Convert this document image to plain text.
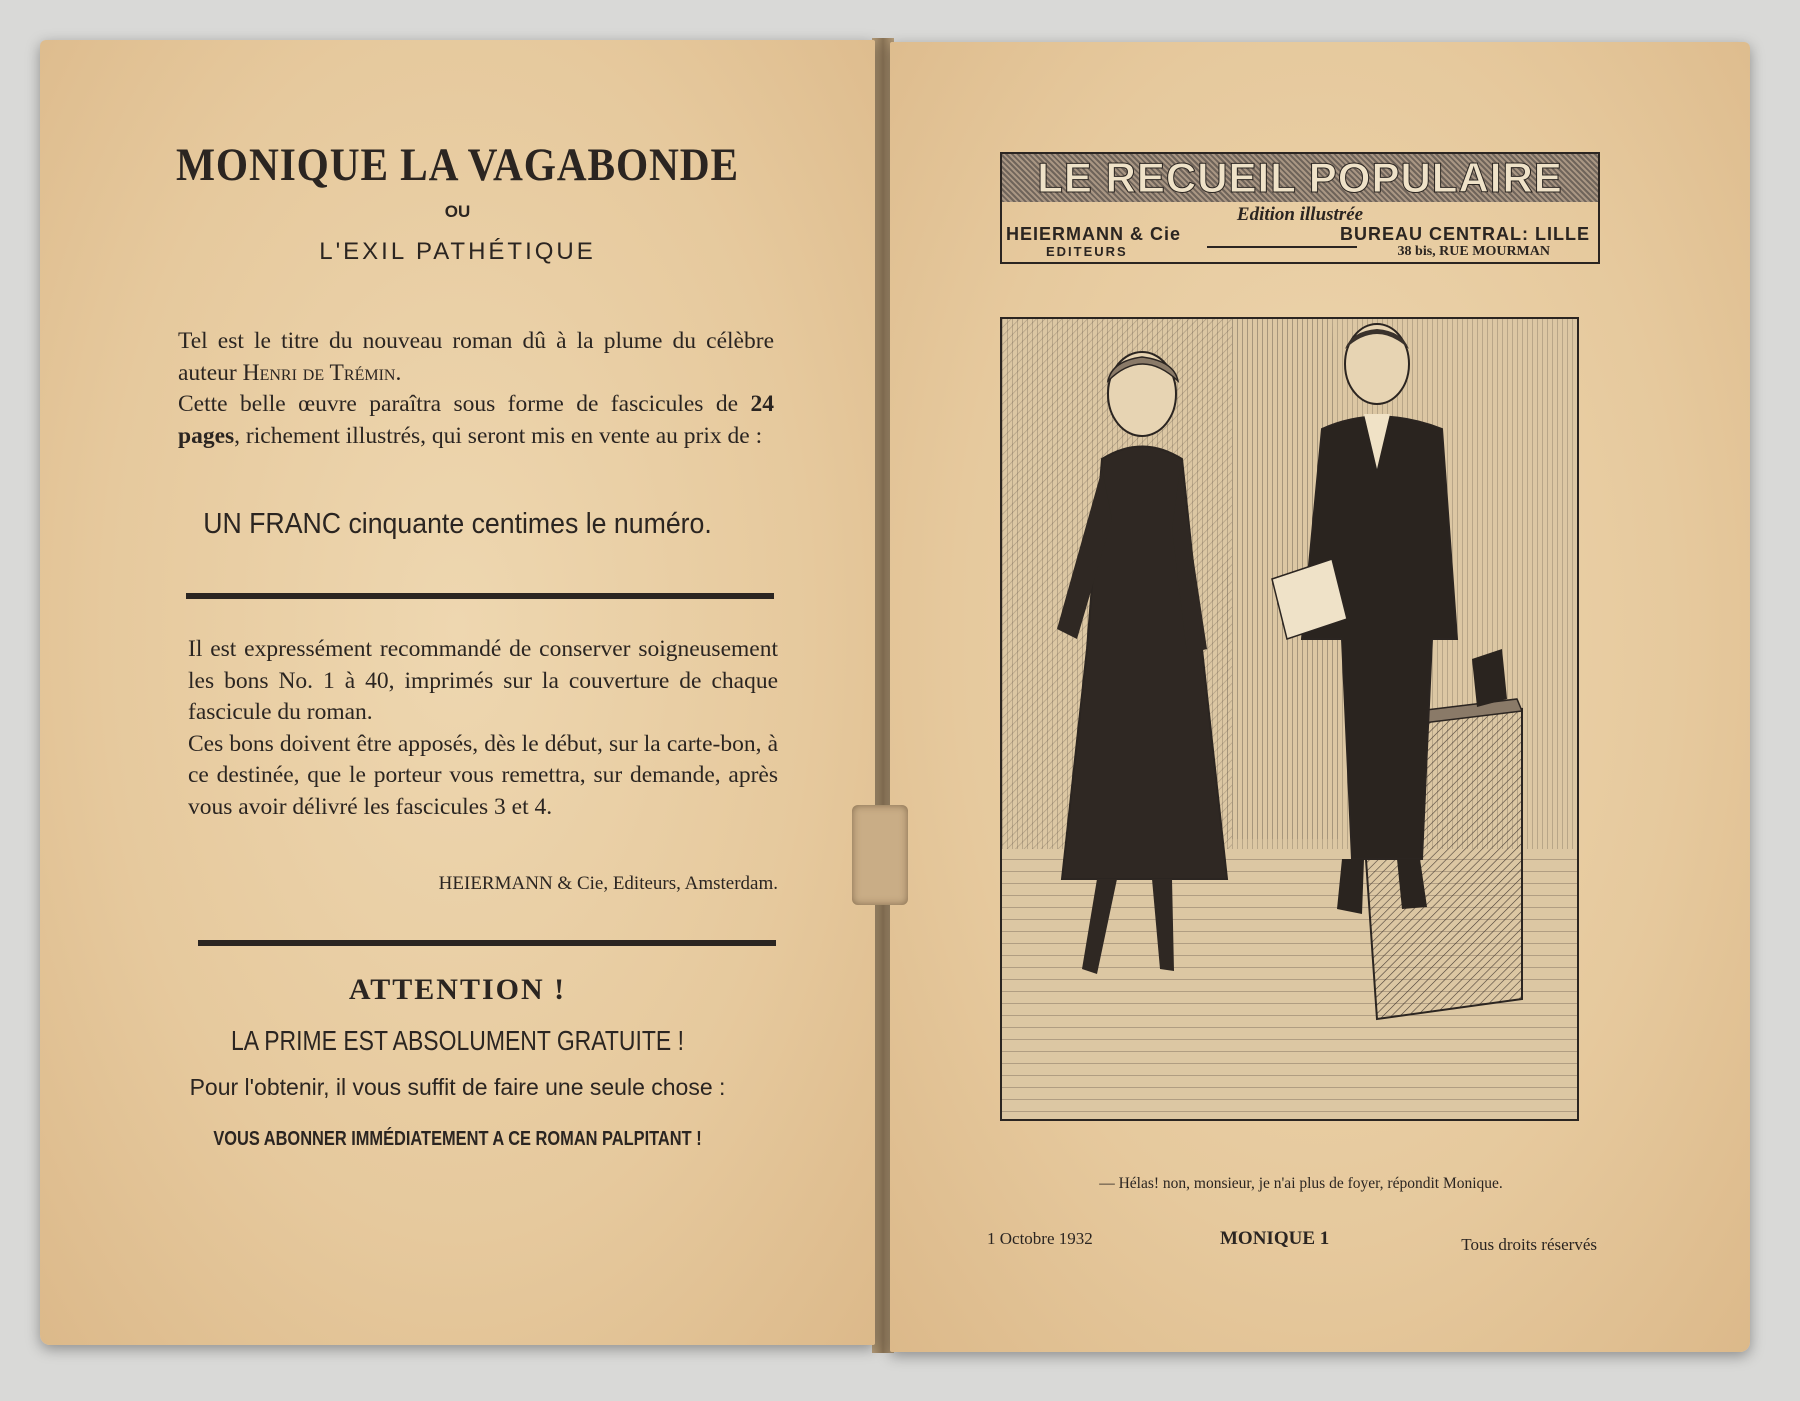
MONIQUE LA VAGABONDE
OU
L'EXIL PATHÉTIQUE

Tel est le titre du nouveau roman dû à la plume du célèbre auteur Henri de Trémin.

Cette belle œuvre paraîtra sous forme de fascicules de 24 pages, richement illustrés, qui seront mis en vente au prix de :

UN FRANC cinquante centimes le numéro.

Il est expressément recommandé de conserver soigneusement les bons No. 1 à 40, imprimés sur la couverture de chaque fascicule du roman.

Ces bons doivent être apposés, dès le début, sur la carte-bon, à ce destinée, que le porteur vous remettra, sur demande, après vous avoir délivré les fascicules 3 et 4.

HEIERMANN & Cie, Editeurs, Amsterdam.
ATTENTION !
LA PRIME EST ABSOLUMENT GRATUITE !
Pour l'obtenir, il vous suffit de faire une seule chose :
VOUS ABONNER IMMÉDIATEMENT A CE ROMAN PALPITANT !
LE RECUEIL POPULAIRE
Edition illustrée
HEIERMANN & Cie
EDITEURS
BUREAU CENTRAL: LILLE
38 bis, RUE MOURMAN
— Hélas! non, monsieur, je n'ai plus de foyer, répondit Monique.
1 Octobre 1932	MONIQUE 1	Tous droits réservés
